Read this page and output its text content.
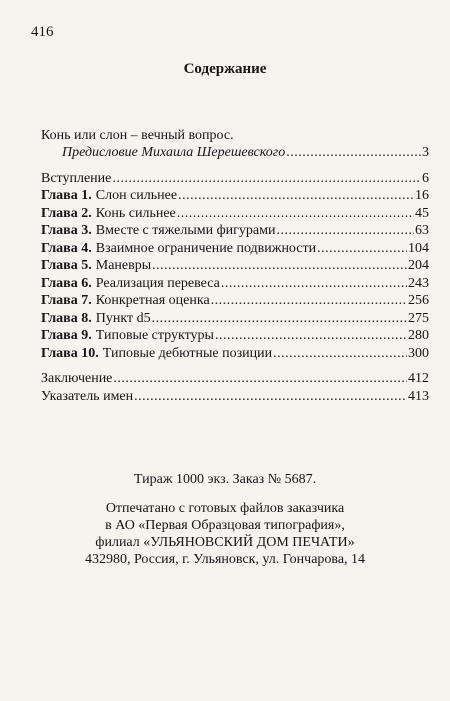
416
Содержание
Конь или слон – вечный вопрос.
Предисловие Михаила Шерешевского .....	3
Вступление .....	6
Глава 1. Слон сильнее .....	16
Глава 2. Конь сильнее .....	45
Глава 3. Вместе с тяжелыми фигурами .....	63
Глава 4. Взаимное ограничение подвижности .....	104
Глава 5. Маневры .....	204
Глава 6. Реализация перевеса .....	243
Глава 7. Конкретная оценка .....	256
Глава 8. Пункт d5 .....	275
Глава 9. Типовые структуры .....	280
Глава 10. Типовые дебютные позиции .....	300
Заключение .....	412
Указатель имен .....	413
Тираж 1000 экз. Заказ № 5687.
Отпечатано с готовых файлов заказчика
в АО «Первая Образцовая типография»,
филиал «УЛЬЯНОВСКИЙ ДОМ ПЕЧАТИ»
432980, Россия, г. Ульяновск, ул. Гончарова, 14
